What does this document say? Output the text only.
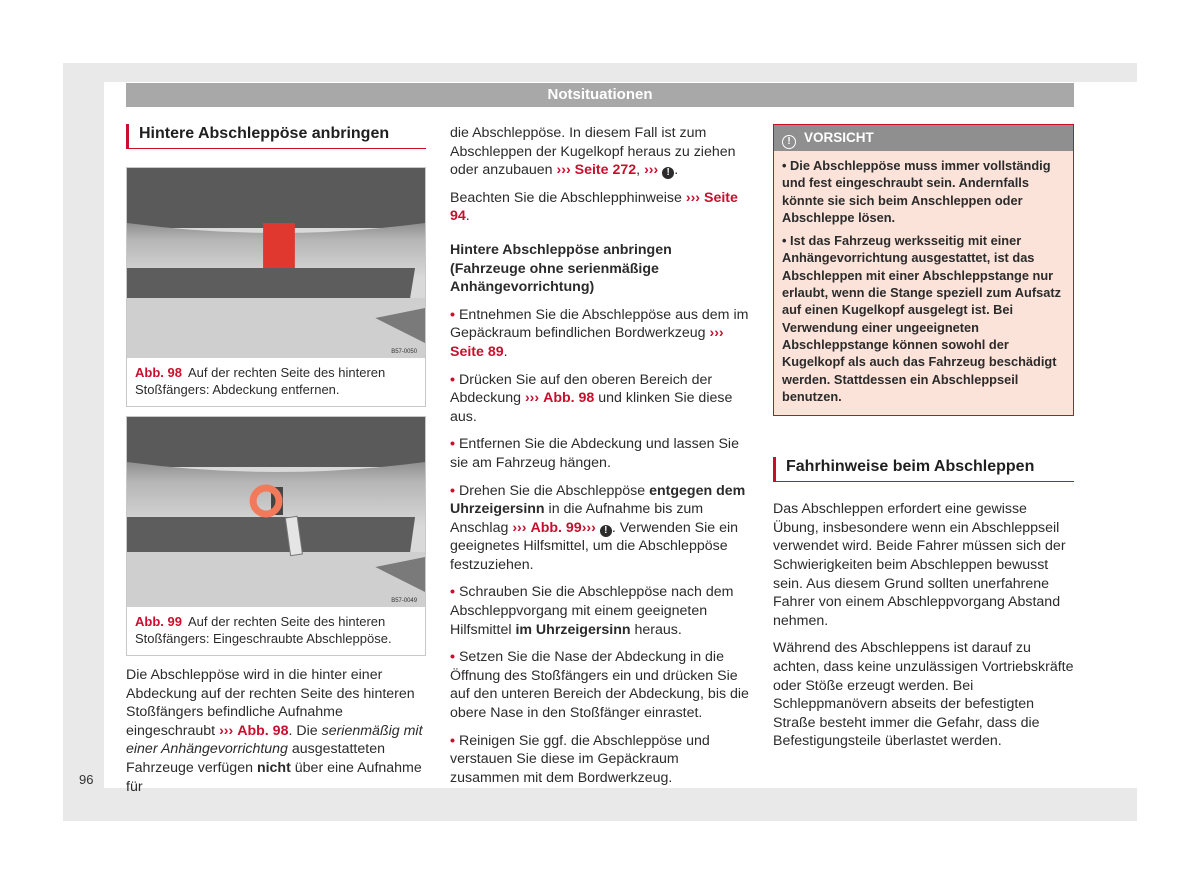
Notsituationen
Hintere Abschleppöse anbringen
B57-0050
Abb. 98 Auf der rechten Seite des hinteren Stoßfängers: Abdeckung entfernen.
B57-0049
Abb. 99 Auf der rechten Seite des hinteren Stoßfängers: Eingeschraubte Abschleppöse.

Die Abschleppöse wird in die hinter einer Abdeckung auf der rechten Seite des hinteren Stoßfängers befindliche Aufnahme eingeschraubt ››› Abb. 98. Die serienmäßig mit einer Anhängevorrichtung ausgestatteten Fahrzeuge verfügen nicht über eine Aufnahme für

die Abschleppöse. In diesem Fall ist zum Abschleppen der Kugelkopf heraus zu ziehen oder anzubauen ››› Seite 272, ››› ! .

Beachten Sie die Abschlepphinweise ››› Seite 94.

Hintere Abschleppöse anbringen (Fahrzeuge ohne serienmäßige Anhängevorrichtung)

• Entnehmen Sie die Abschleppöse aus dem im Gepäckraum befindlichen Bordwerkzeug ››› Seite 89.

• Drücken Sie auf den oberen Bereich der Abdeckung ››› Abb. 98 und klinken Sie diese aus.

• Entfernen Sie die Abdeckung und lassen Sie sie am Fahrzeug hängen.

• Drehen Sie die Abschleppöse entgegen dem Uhrzeigersinn in die Aufnahme bis zum Anschlag ››› Abb. 99››› ! . Verwenden Sie ein geeignetes Hilfsmittel, um die Abschleppöse festzuziehen.

• Schrauben Sie die Abschleppöse nach dem Abschleppvorgang mit einem geeigneten Hilfsmittel im Uhrzeigersinn heraus.

• Setzen Sie die Nase der Abdeckung in die Öffnung des Stoßfängers ein und drücken Sie auf den unteren Bereich der Abdeckung, bis die obere Nase in den Stoßfänger einrastet.

• Reinigen Sie ggf. die Abschleppöse und verstauen Sie diese im Gepäckraum zusammen mit dem Bordwerkzeug.

! VORSICHT

• Die Abschleppöse muss immer vollständig und fest eingeschraubt sein. Andernfalls könnte sie sich beim Anschleppen oder Abschleppe lösen.

• Ist das Fahrzeug werksseitig mit einer Anhängevorrichtung ausgestattet, ist das Abschleppen mit einer Abschleppstange nur erlaubt, wenn die Stange speziell zum Aufsatz auf einen Kugelkopf ausgelegt ist. Bei Verwendung einer ungeeigneten Abschleppstange können sowohl der Kugelkopf als auch das Fahrzeug beschädigt werden. Stattdessen ein Abschleppseil benutzen.

Fahrhinweise beim Abschleppen

Das Abschleppen erfordert eine gewisse Übung, insbesondere wenn ein Abschleppseil verwendet wird. Beide Fahrer müssen sich der Schwierigkeiten beim Abschleppen bewusst sein. Aus diesem Grund sollten unerfahrene Fahrer von einem Abschleppvorgang Abstand nehmen.

Während des Abschleppens ist darauf zu achten, dass keine unzulässigen Vortriebskräfte oder Stöße erzeugt werden. Bei Schleppmanövern abseits der befestigten Straße besteht immer die Gefahr, dass die Befestigungsteile überlastet werden.

96
